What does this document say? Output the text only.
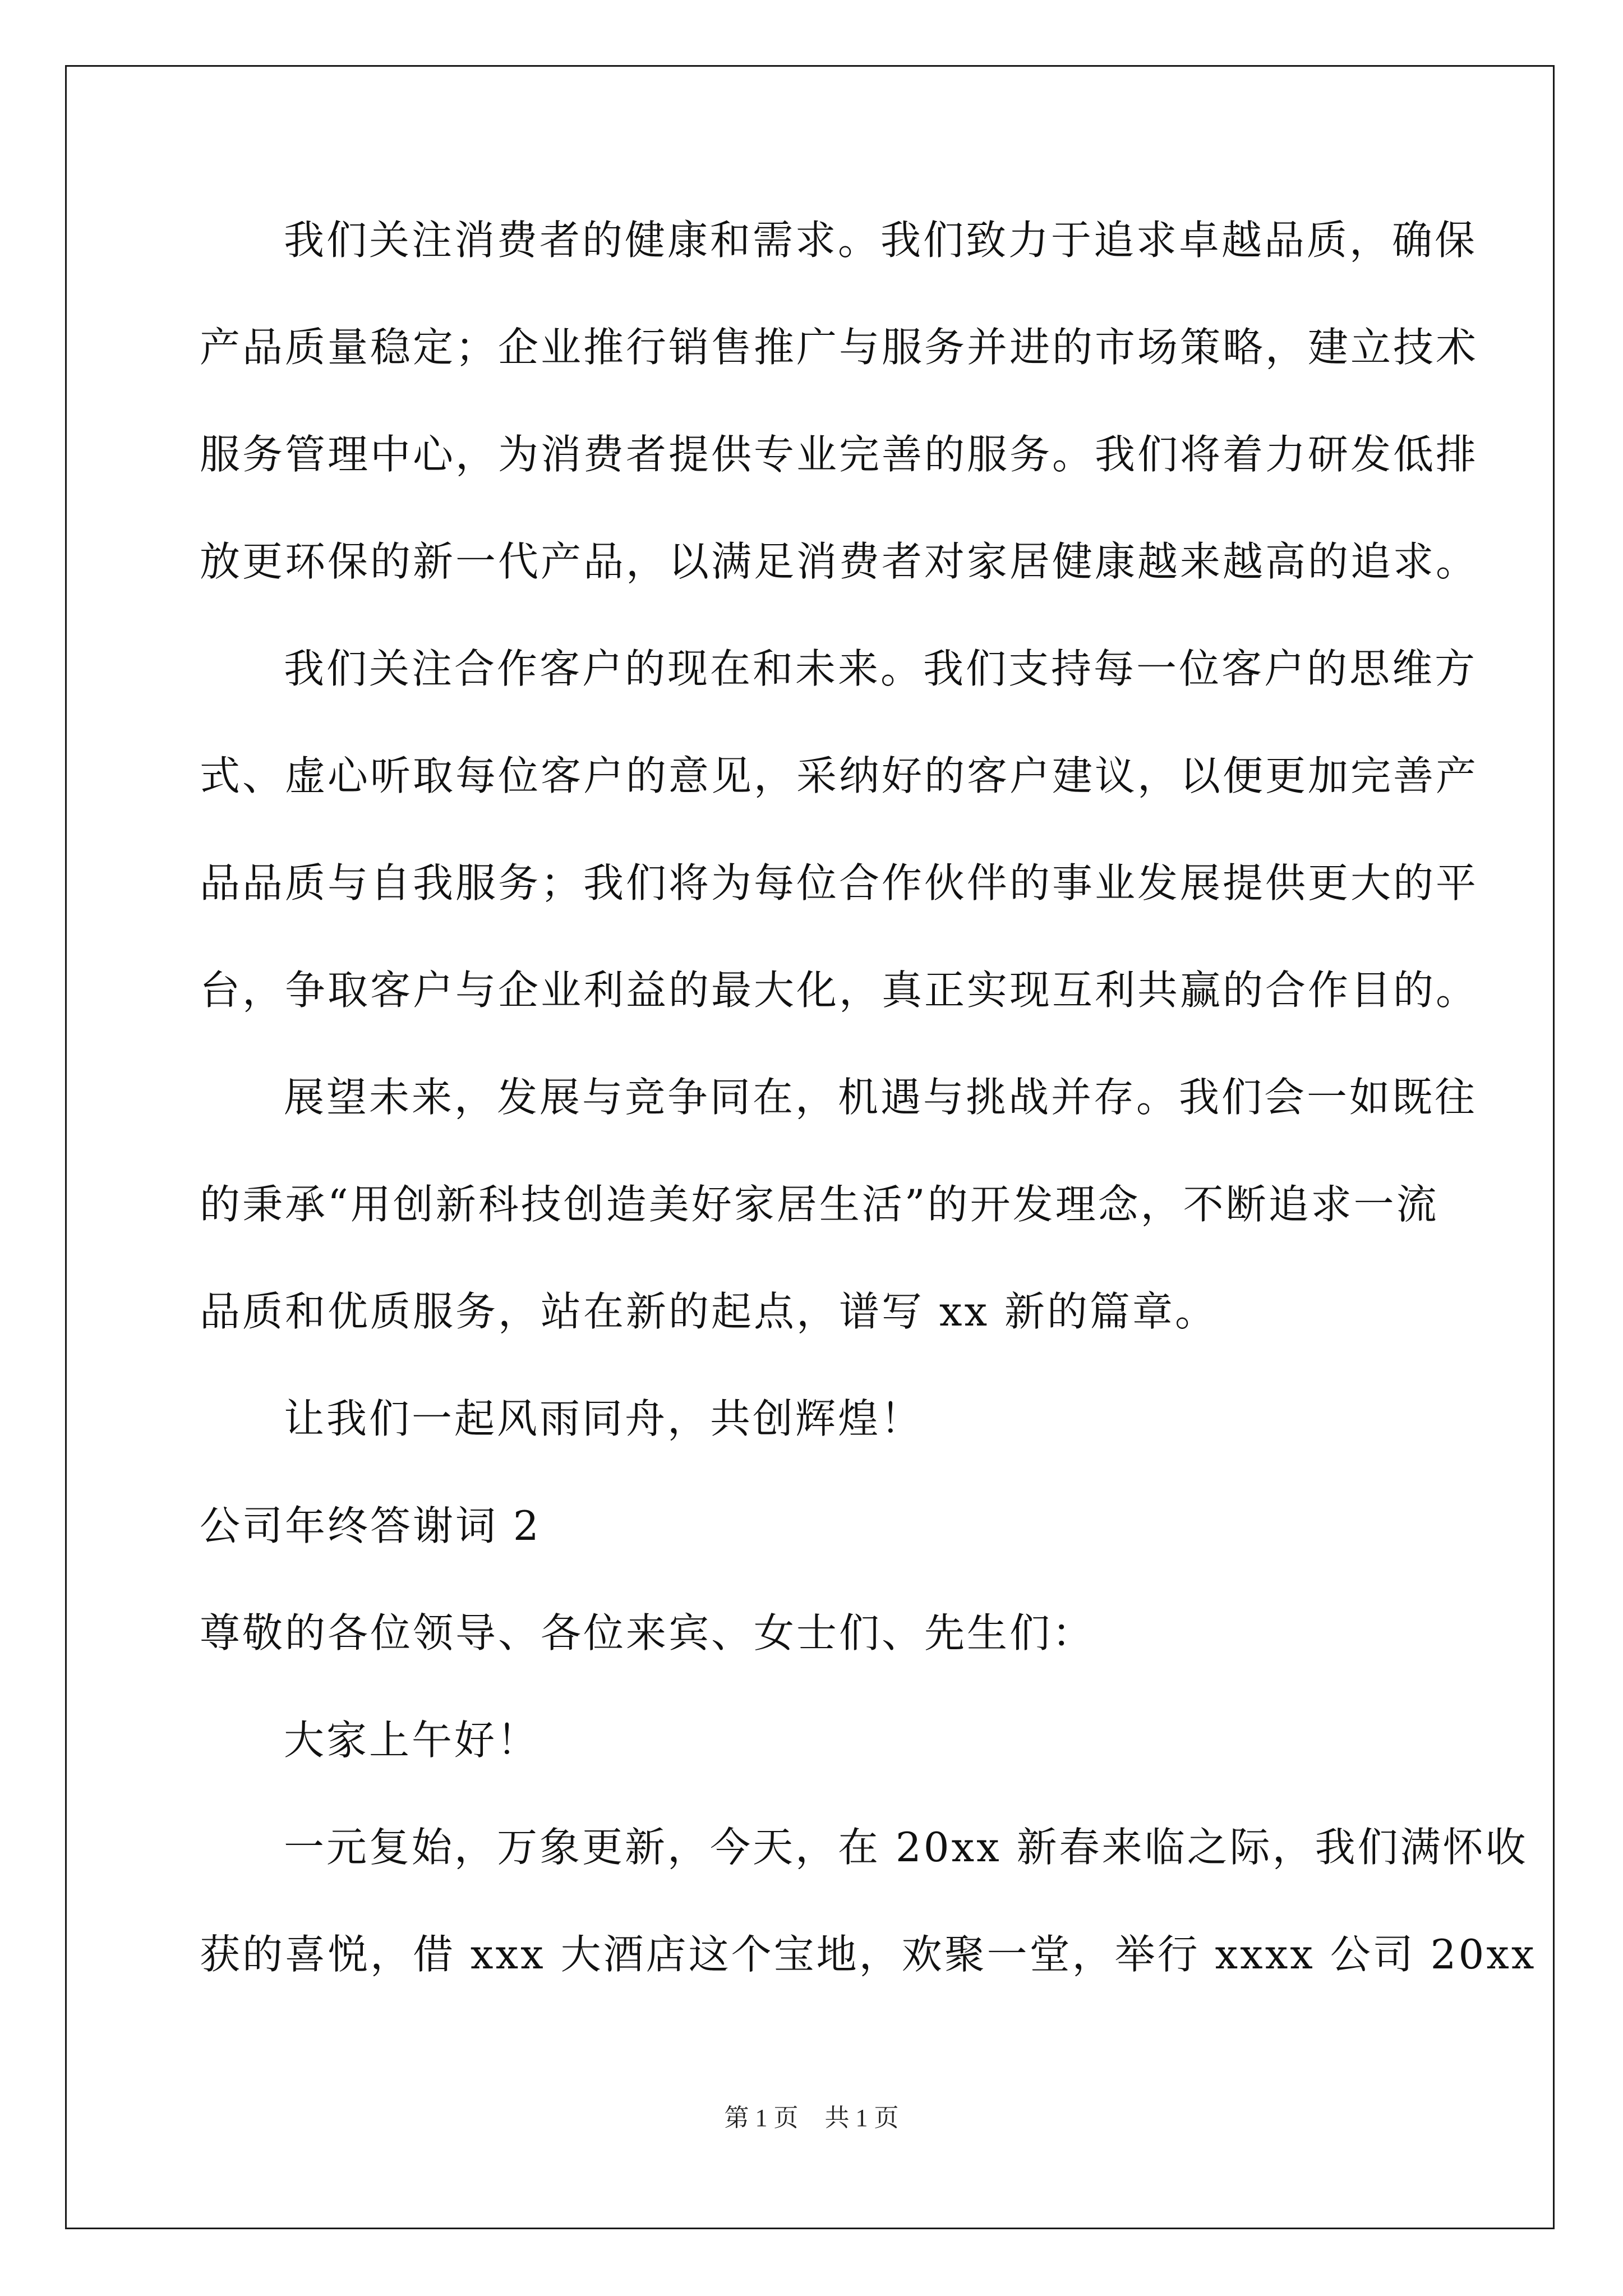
我们关注消费者的健康和需求。我们致力于追求卓越品质，确保
产品质量稳定；企业推行销售推广与服务并进的市场策略，建立技术
服务管理中心，为消费者提供专业完善的服务。我们将着力研发低排
放更环保的新一代产品，以满足消费者对家居健康越来越高的追求。
我们关注合作客户的现在和未来。我们支持每一位客户的思维方
式、虚心听取每位客户的意见，采纳好的客户建议，以便更加完善产
品品质与自我服务；我们将为每位合作伙伴的事业发展提供更大的平
台，争取客户与企业利益的最大化，真正实现互利共赢的合作目的。
展望未来，发展与竞争同在，机遇与挑战并存。我们会一如既往
的秉承“用创新科技创造美好家居生活”的开发理念，不断追求一流
品质和优质服务，站在新的起点，谱写 xx 新的篇章。
让我们一起风雨同舟，共创辉煌！
公司年终答谢词 2
尊敬的各位领导、各位来宾、女士们、先生们：
大家上午好！
一元复始，万象更新，今天，在 20xx 新春来临之际，我们满怀收
获的喜悦，借 xxx 大酒店这个宝地，欢聚一堂，举行 xxxx 公司 20xx
第 1 页 共 1 页
